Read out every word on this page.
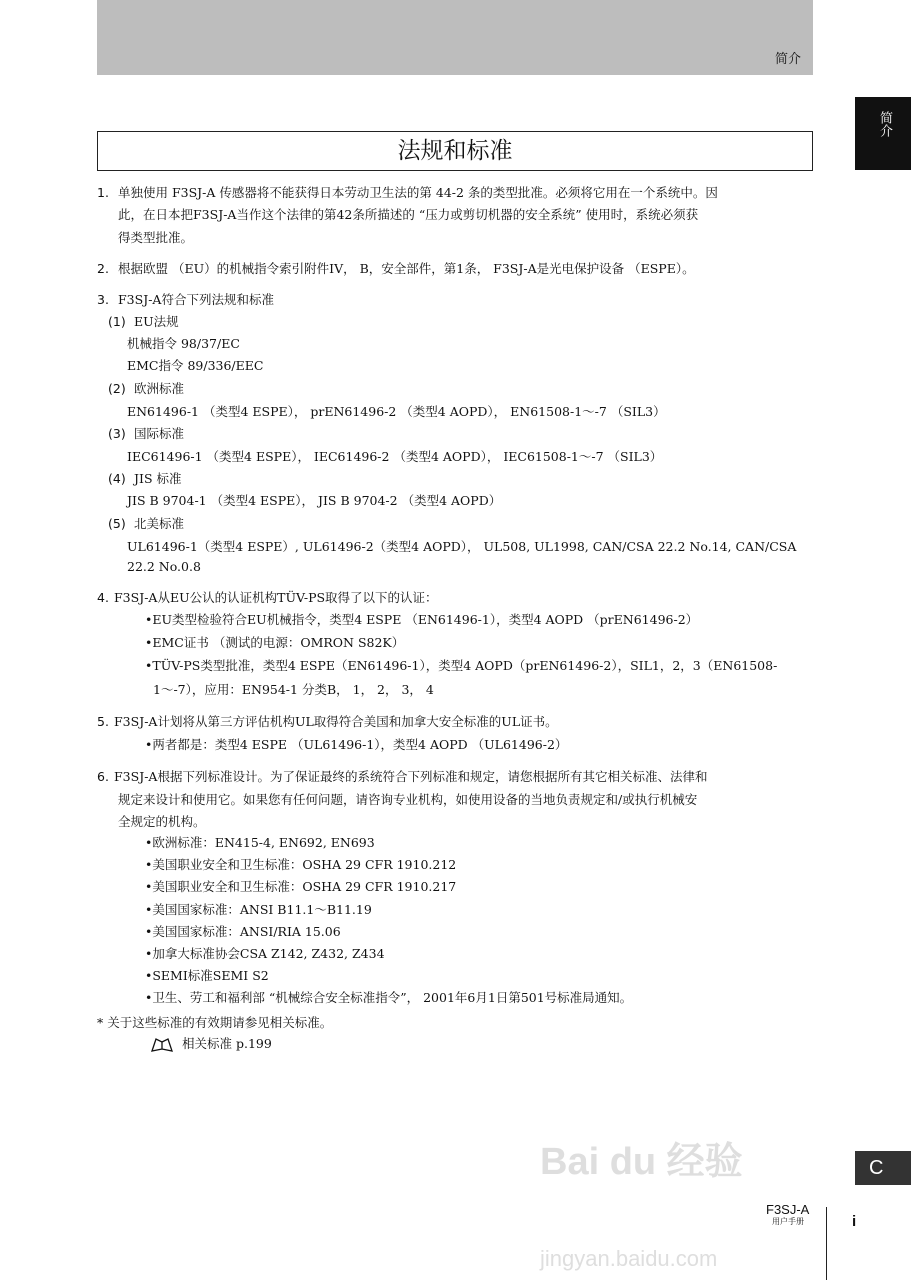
简介
简介
法规和标准
1. 单独使用 F3SJ-A 传感器将不能获得日本劳动卫生法的第 44-2 条的类型批准。必须将它用在一个系统中。因
此，在日本把F3SJ-A当作这个法律的第42条所描述的 “压力或剪切机器的安全系统” 使用时，系统必须获
得类型批准。
2. 根据欧盟 （EU）的机械指令索引附件IV， B，安全部件，第1条， F3SJ-A是光电保护设备 （ESPE）。
3. F3SJ-A符合下列法规和标准
(1) EU法规
机械指令 98/37/EC
EMC指令 89/336/EEC
(2) 欧洲标准
EN61496-1 （类型4 ESPE）， prEN61496-2 （类型4 AOPD）， EN61508-1～-7 （SIL3）
(3) 国际标准
IEC61496-1 （类型4 ESPE）， IEC61496-2 （类型4 AOPD）， IEC61508-1～-7 （SIL3）
(4) JIS 标准
JIS B 9704-1 （类型4 ESPE）， JIS B 9704-2 （类型4 AOPD）
(5) 北美标准
UL61496-1（类型4 ESPE）, UL61496-2（类型4 AOPD）， UL508, UL1998, CAN/CSA 22.2 No.14, CAN/CSA
22.2 No.0.8
4. F3SJ-A从EU公认的认证机构TÜV-PS取得了以下的认证：
•EU类型检验符合EU机械指令，类型4 ESPE （EN61496-1），类型4 AOPD （prEN61496-2）
•EMC证书 （测试的电源：OMRON S82K）
•TÜV-PS类型批准，类型4 ESPE（EN61496-1），类型4 AOPD（prEN61496-2），SIL1，2，3（EN61508-
1～-7），应用：EN954-1 分类B， 1， 2， 3， 4
5. F3SJ-A计划将从第三方评估机构UL取得符合美国和加拿大安全标准的UL证书。
•两者都是：类型4 ESPE （UL61496-1），类型4 AOPD （UL61496-2）
6. F3SJ-A根据下列标准设计。为了保证最终的系统符合下列标准和规定，请您根据所有其它相关标准、法律和
规定来设计和使用它。如果您有任何问题，请咨询专业机构，如使用设备的当地负责规定和/或执行机械安
全规定的机构。
•欧洲标准：EN415-4, EN692, EN693
•美国职业安全和卫生标准：OSHA 29 CFR 1910.212
•美国职业安全和卫生标准：OSHA 29 CFR 1910.217
•美国国家标准：ANSI B11.1～B11.19
•美国国家标准：ANSI/RIA 15.06
•加拿大标准协会CSA Z142, Z432, Z434
•SEMI标准SEMI S2
•卫生、劳工和福利部 “机械综合安全标准指令”， 2001年6月1日第501号标准局通知。
* 关于这些标准的有效期请参见相关标准。
相关标准 p.199
Bai du 经验
jingyan.baidu.com
C
F3SJ-A
用户手册	i
